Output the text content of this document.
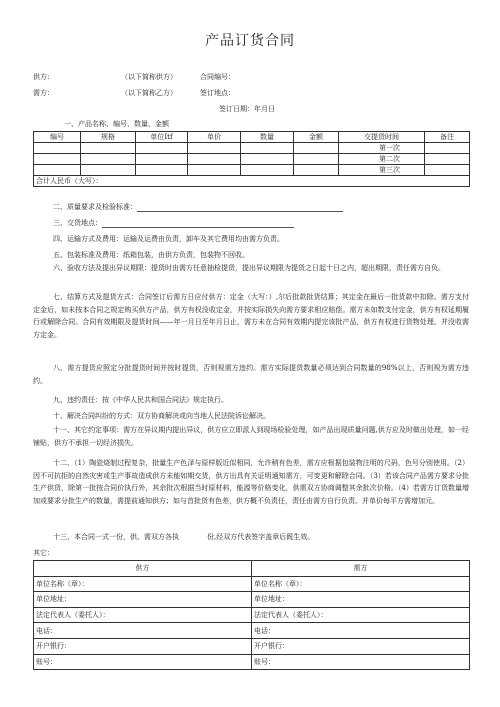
产品订货合同
供方:	（以下简称供方）	合同编号：
需方：	（以下简称乙方）	签订地点：
签订日期：年月日
一、产品名称、编号、数量、金额
编号	规格	单位Itf	单价	数量	金额	交提货时间	备注
						第一次	
						第二次	
						第三次	
合计人民币（大写）：							
二、质量要求及检验标准：
三、交货地点：
四、运输方式及费用：运输及运费由负责，卸车及其它费用均由需方负责。
五、包装标准及费用：纸箱包装，由供方负责，包装物不回收。
六、验收方法及提出异议期限：提货时由需方任意抽检提货，提出异议期限为提货之日起十日之内，超出期限，责任需方自负。
七、结算方式及提货方式：合同签订后需方日应付供方：定金（大写：）,尔后批款批货结算；其定金在最后一批货款中扣除。需方支付定金后，如未按本合同之规定购买供方产品，供方有权没收定金，并按实际损失向需方要求相应赔偿。需方未如数支付定金，供方有权延期履行或解除合同。合同有效期限及提货时间——年一月日至年月日止，需方未在合同有效期内提完该批产品，供方有权进行货物处理、并没收需方定金。
八、需方提货应照定分批提货时间并按时提货，否则视需方违约。需方实际提货数量必须达到合同数量的98%以上，否则视为需方违约。
九、违约责任：按《中华人民共和国合同法》规定执行。
十、解决合同纠纷的方式：双方协商解决或向当地人民法院诉讼解决。
十一、其它约定事项：需方在异议期内提出异议，供方应立即派人到现场检验处理，如产品出现质量问题,供方应及时做出处理，如一经铺贴，供方不承担一切经济损失。
十二、（1）陶瓷烧制过程复杂，批量生产色泽与原样版近似相同，允许稍有色差，需方应根据包装物注明的尺码，色号分别使用。（2）因不可抗拒的自然灾害或生产事故造成供方未能如期交货，供方出具有关证明通知需方，可变更和解除合同。（3）若该合同产品需方要求分批生产供货，除第一批按合同价执行外，其余批次根据当时原材料，能源等价格变化，供需双方协商调整其余批次价格。（4）若需方订货数量增加或要求分批生产的数量，需提前通知供方；如与首批货有色差，供方概不负责任，责任由需方自行负责。并单价每平方需增加元。
十三、本合同一式一份，供、需双方各执　　　　份,经双方代表签字盖章后既生效。
其它：
供方	需方
单位名称（章）：	单位名称（章）：
单位地址：	单位地址：
法定代表人（委托人）：	法定代表人（委托人）：
电话：	电话：
开户银行：	开户银行：
账号：	账号：
